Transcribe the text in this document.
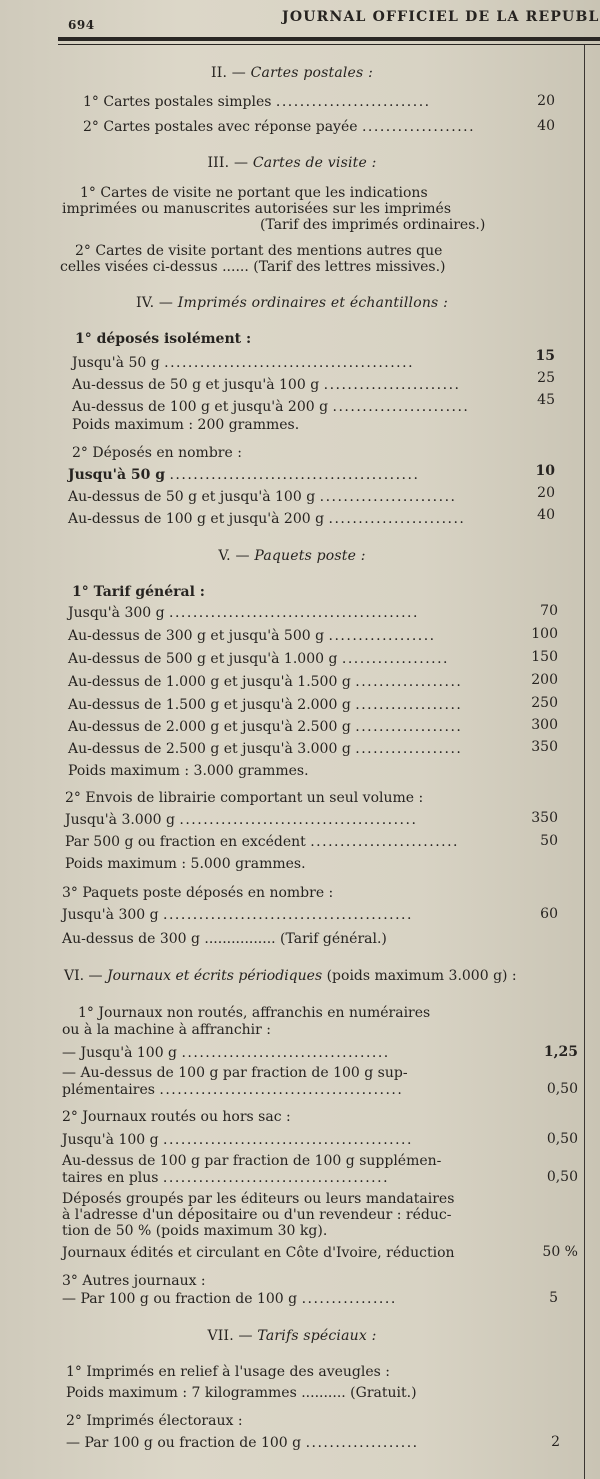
694	JOURNAL OFFICIEL DE LA REPUBL
II. — Cartes postales :
1° Cartes postales simples ..........................	20
2° Cartes postales avec réponse payée ...................	40
III. — Cartes de visite :
1° Cartes de visite ne portant que les indications
imprimées ou manuscrites autorisées sur les imprimés
(Tarif des imprimés ordinaires.)
2° Cartes de visite portant des mentions autres que
celles visées ci-dessus ...... (Tarif des lettres missives.)
IV. — Imprimés ordinaires et échantillons :
1° déposés isolément :
Jusqu'à 50 g ..........................................	15
Au-dessus de 50 g et jusqu'à 100 g .......................	25
Au-dessus de 100 g et jusqu'à 200 g .......................	45
Poids maximum : 200 grammes.
2° Déposés en nombre :
Jusqu'à 50 g ..........................................	10
Au-dessus de 50 g et jusqu'à 100 g .......................	20
Au-dessus de 100 g et jusqu'à 200 g .......................	40
V. — Paquets poste :
1° Tarif général :
Jusqu'à 300 g ..........................................	70
Au-dessus de 300 g et jusqu'à 500 g ..................	100
Au-dessus de 500 g et jusqu'à 1.000 g ..................	150
Au-dessus de 1.000 g et jusqu'à 1.500 g ..................	200
Au-dessus de 1.500 g et jusqu'à 2.000 g ..................	250
Au-dessus de 2.000 g et jusqu'à 2.500 g ..................	300
Au-dessus de 2.500 g et jusqu'à 3.000 g ..................	350
Poids maximum : 3.000 grammes.
2° Envois de librairie comportant un seul volume :
Jusqu'à 3.000 g ........................................	350
Par 500 g ou fraction en excédent .........................	50
Poids maximum : 5.000 grammes.
3° Paquets poste déposés en nombre :
Jusqu'à 300 g ..........................................	60
Au-dessus de 300 g ................ (Tarif général.)
VI. — Journaux et écrits périodiques (poids maximum 3.000 g) :
1° Journaux non routés, affranchis en numéraires
ou à la machine à affranchir :
— Jusqu'à 100 g ...................................	1,25
— Au-dessus de 100 g par fraction de 100 g sup-
plémentaires .........................................	0,50
2° Journaux routés ou hors sac :
Jusqu'à 100 g ..........................................	0,50
Au-dessus de 100 g par fraction de 100 g supplémen-
taires en plus ......................................	0,50
Déposés groupés par les éditeurs ou leurs mandataires
à l'adresse d'un dépositaire ou d'un revendeur : réduc-
tion de 50 % (poids maximum 30 kg).
Journaux édités et circulant en Côte d'Ivoire, réduction	50 %
3° Autres journaux :
— Par 100 g ou fraction de 100 g ................	5
VII. — Tarifs spéciaux :
1° Imprimés en relief à l'usage des aveugles :
Poids maximum : 7 kilogrammes .......... (Gratuit.)
2° Imprimés électoraux :
— Par 100 g ou fraction de 100 g ...................	2
